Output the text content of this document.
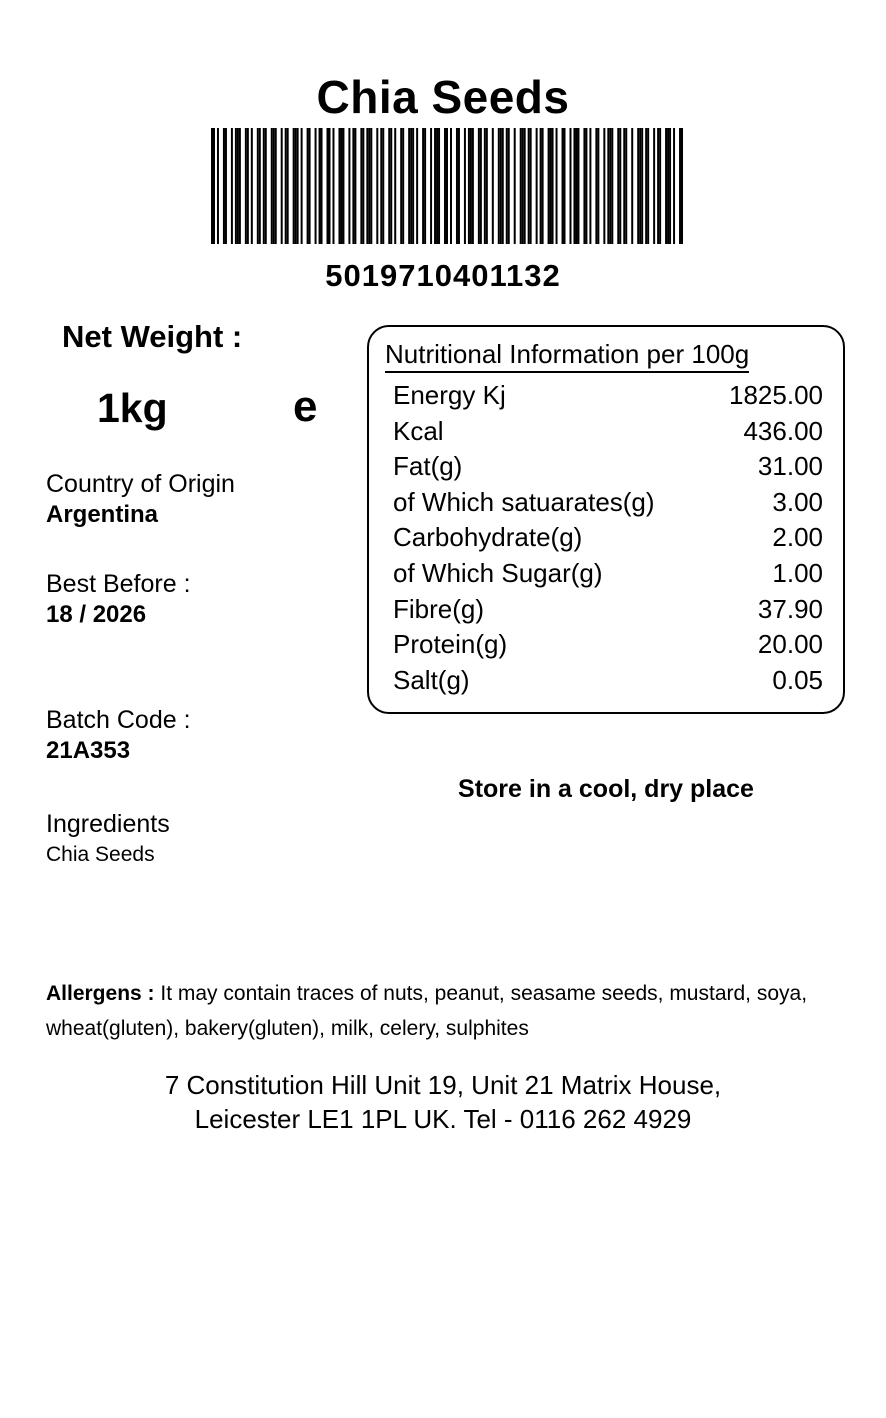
Chia Seeds
5019710401132
Net Weight :
1kg	e
Country of Origin
Argentina
Best Before :
18 / 2026
Batch Code :
21A353
Ingredients
Chia Seeds
Nutritional Information per 100g
Energy Kj	1825.00
Kcal	436.00
Fat(g)	31.00
of Which satuarates(g)	3.00
Carbohydrate(g)	2.00
of Which Sugar(g)	1.00
Fibre(g)	37.90
Protein(g)	20.00
Salt(g)	0.05
Store in a cool, dry place
Allergens : It may contain traces of nuts, peanut, seasame seeds, mustard, soya, wheat(gluten), bakery(gluten), milk, celery, sulphites
7 Constitution Hill Unit 19, Unit 21 Matrix House,
Leicester LE1 1PL UK. Tel - 0116 262 4929
